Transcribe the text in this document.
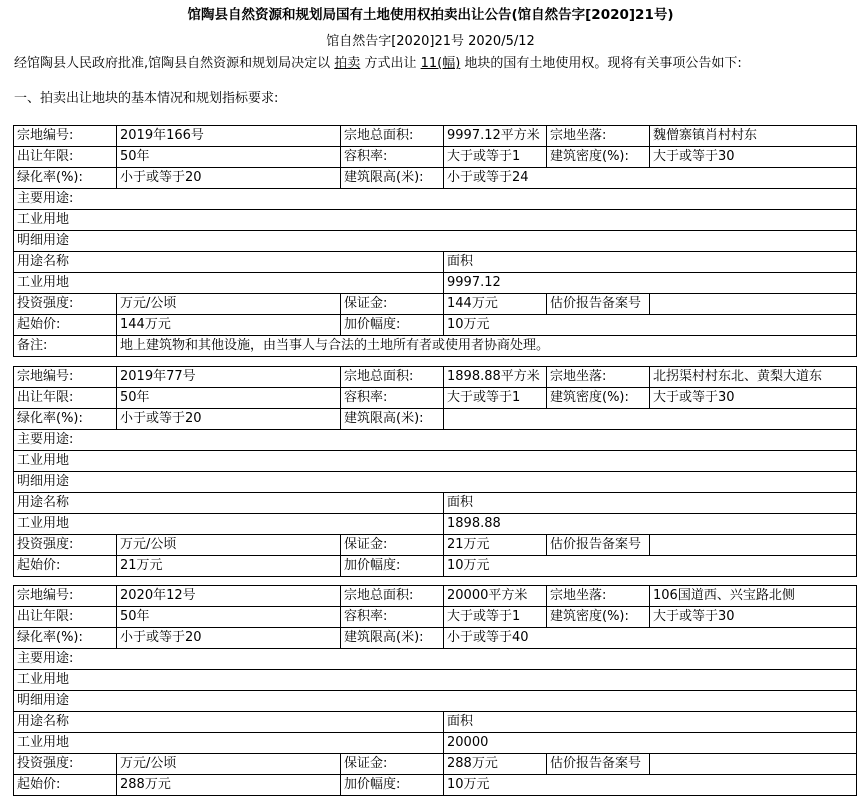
馆陶县自然资源和规划局国有土地使用权拍卖出让公告(馆自然告字[2020]21号)
馆自然告字[2020]21号 2020/5/12
经馆陶县人民政府批准,馆陶县自然资源和规划局决定以 拍卖 方式出让 11(幅) 地块的国有土地使用权。现将有关事项公告如下:
一、拍卖出让地块的基本情况和规划指标要求:
宗地编号:	2019年166号	宗地总面积:	9997.12平方米	宗地坐落:	魏僧寨镇肖村村东
出让年限:	50年	容积率:	大于或等于1	建筑密度(%):	大于或等于30
绿化率(%):	小于或等于20	建筑限高(米):	小于或等于24		
主要用途:					
工业用地					
明细用途					
用途名称			面积		
工业用地			9997.12		
投资强度:	万元/公顷	保证金:	144万元	估价报告备案号	
起始价:	144万元	加价幅度:	10万元		
备注:	地上建筑物和其他设施，由当事人与合法的土地所有者或使用者协商处理。				
宗地编号:	2019年77号	宗地总面积:	1898.88平方米	宗地坐落:	北拐渠村村东北、黄梨大道东
出让年限:	50年	容积率:	大于或等于1	建筑密度(%):	大于或等于30
绿化率(%):	小于或等于20	建筑限高(米):			
主要用途:					
工业用地					
明细用途					
用途名称			面积		
工业用地			1898.88		
投资强度:	万元/公顷	保证金:	21万元	估价报告备案号	
起始价:	21万元	加价幅度:	10万元		
宗地编号:	2020年12号	宗地总面积:	20000平方米	宗地坐落:	106国道西、兴宝路北侧
出让年限:	50年	容积率:	大于或等于1	建筑密度(%):	大于或等于30
绿化率(%):	小于或等于20	建筑限高(米):	小于或等于40		
主要用途:					
工业用地					
明细用途					
用途名称			面积		
工业用地			20000		
投资强度:	万元/公顷	保证金:	288万元	估价报告备案号	
起始价:	288万元	加价幅度:	10万元		
